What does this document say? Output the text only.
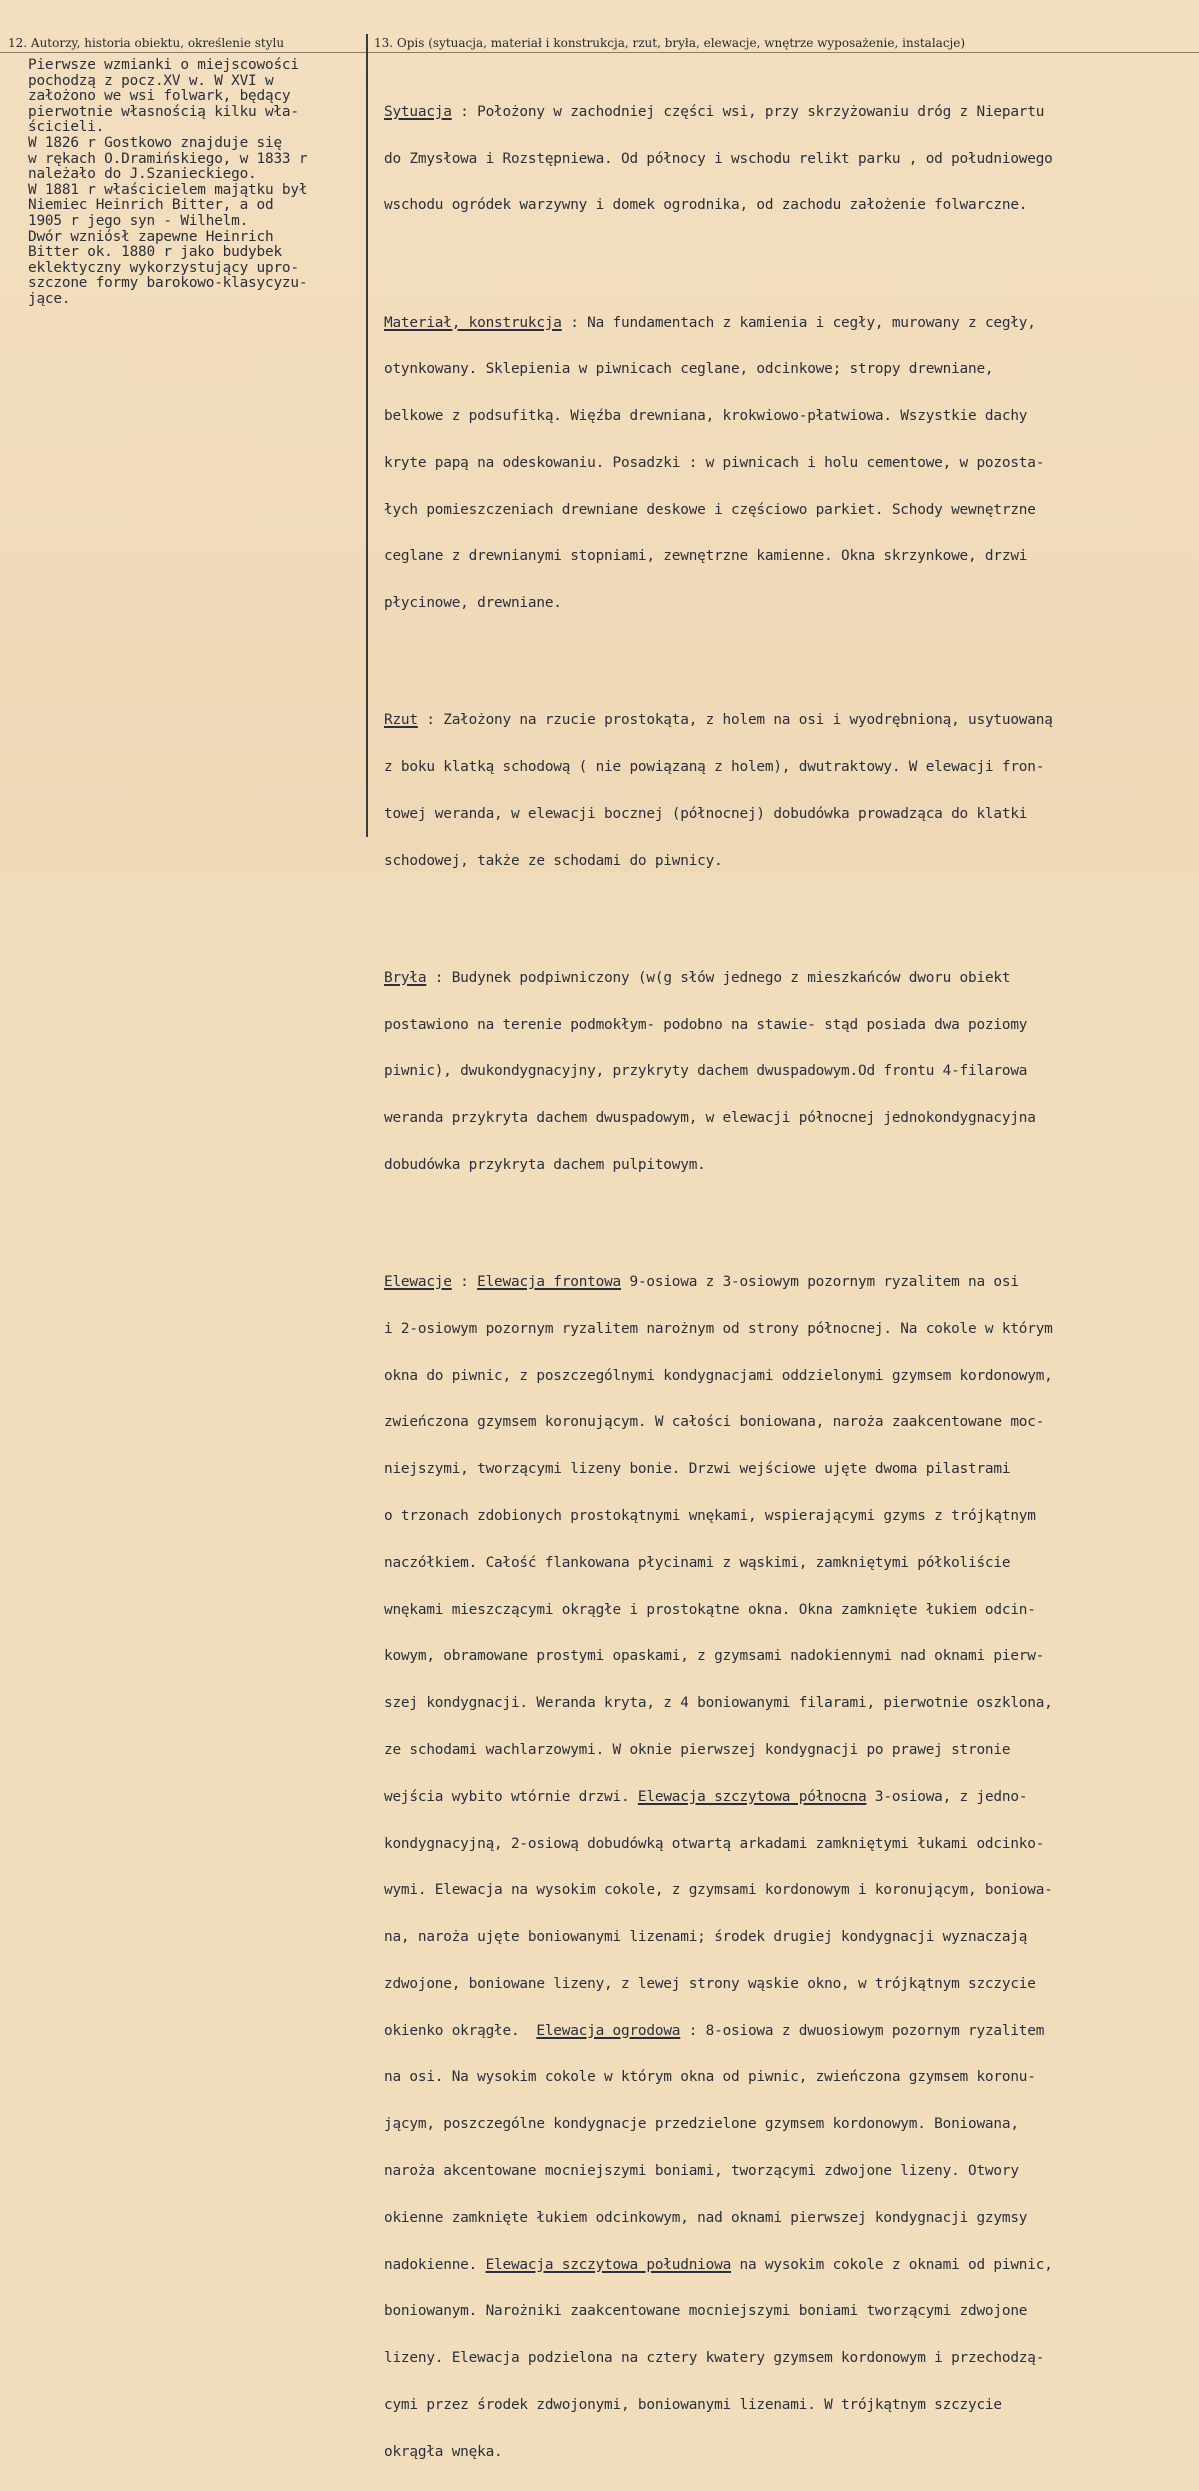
12. Autorzy, historia obiektu, określenie stylu	13. Opis (sytuacja, materiał i konstrukcja, rzut, bryła, elewacje, wnętrze wyposażenie, instalacje)
Pierwsze wzmianki o miejscowości
pochodzą z pocz.XV w. W XVI w
założono we wsi folwark, będący
pierwotnie własnością kilku wła-
ścicieli.
W 1826 r Gostkowo znajduje się
w rękach O.Dramińskiego, w 1833 r
należało do J.Szanieckiego.
W 1881 r właścicielem majątku był
Niemiec Heinrich Bitter, a od
1905 r jego syn - Wilhelm.
Dwór wzniósł zapewne Heinrich
Bitter ok. 1880 r jako budybek
eklektyczny wykorzystujący upro-
szczone formy barokowo-klasycyzu-
jące.

Sytuacja : Położony w zachodniej części wsi, przy skrzyżowaniu dróg z Niepartu

do Zmysłowa i Rozstępniewa. Od północy i wschodu relikt parku , od południowego

wschodu ogródek warzywny i domek ogrodnika, od zachodu założenie folwarczne.

Materiał, konstrukcja : Na fundamentach z kamienia i cegły, murowany z cegły,

otynkowany. Sklepienia w piwnicach ceglane, odcinkowe; stropy drewniane,

belkowe z podsufitką. Więźba drewniana, krokwiowo-płatwiowa. Wszystkie dachy

kryte papą na odeskowaniu. Posadzki : w piwnicach i holu cementowe, w pozosta-

łych pomieszczeniach drewniane deskowe i częściowo parkiet. Schody wewnętrzne

ceglane z drewnianymi stopniami, zewnętrzne kamienne. Okna skrzynkowe, drzwi

płycinowe, drewniane.

Rzut : Założony na rzucie prostokąta, z holem na osi i wyodrębnioną, usytuowaną

z boku klatką schodową ( nie powiązaną z holem), dwutraktowy. W elewacji fron-

towej weranda, w elewacji bocznej (północnej) dobudówka prowadząca do klatki

schodowej, także ze schodami do piwnicy.

Bryła : Budynek podpiwniczony (w(g słów jednego z mieszkańców dworu obiekt

postawiono na terenie podmokłym- podobno na stawie- stąd posiada dwa poziomy

piwnic), dwukondygnacyjny, przykryty dachem dwuspadowym.Od frontu 4-filarowa

weranda przykryta dachem dwuspadowym, w elewacji północnej jednokondygnacyjna

dobudówka przykryta dachem pulpitowym.

Elewacje : Elewacja frontowa 9-osiowa z 3-osiowym pozornym ryzalitem na osi

i 2-osiowym pozornym ryzalitem narożnym od strony północnej. Na cokole w którym

okna do piwnic, z poszczególnymi kondygnacjami oddzielonymi gzymsem kordonowym,

zwieńczona gzymsem koronującym. W całości boniowana, naroża zaakcentowane moc-

niejszymi, tworzącymi lizeny bonie. Drzwi wejściowe ujęte dwoma pilastrami

o trzonach zdobionych prostokątnymi wnękami, wspierającymi gzyms z trójkątnym

naczółkiem. Całość flankowana płycinami z wąskimi, zamkniętymi półkoliście

wnękami mieszczącymi okrągłe i prostokątne okna. Okna zamknięte łukiem odcin-

kowym, obramowane prostymi opaskami, z gzymsami nadokiennymi nad oknami pierw-

szej kondygnacji. Weranda kryta, z 4 boniowanymi filarami, pierwotnie oszklona,

ze schodami wachlarzowymi. W oknie pierwszej kondygnacji po prawej stronie

wejścia wybito wtórnie drzwi. Elewacja szczytowa północna 3-osiowa, z jedno-

kondygnacyjną, 2-osiową dobudówką otwartą arkadami zamkniętymi łukami odcinko-

wymi. Elewacja na wysokim cokole, z gzymsami kordonowym i koronującym, boniowa-

na, naroża ujęte boniowanymi lizenami; środek drugiej kondygnacji wyznaczają

zdwojone, boniowane lizeny, z lewej strony wąskie okno, w trójkątnym szczycie

okienko okrągłe.  Elewacja ogrodowa : 8-osiowa z dwuosiowym pozornym ryzalitem

na osi. Na wysokim cokole w którym okna od piwnic, zwieńczona gzymsem koronu-

jącym, poszczególne kondygnacje przedzielone gzymsem kordonowym. Boniowana,

naroża akcentowane mocniejszymi boniami, tworzącymi zdwojone lizeny. Otwory

okienne zamknięte łukiem odcinkowym, nad oknami pierwszej kondygnacji gzymsy

nadokienne. Elewacja szczytowa południowa na wysokim cokole z oknami od piwnic,

boniowanym. Narożniki zaakcentowane mocniejszymi boniami tworzącymi zdwojone

lizeny. Elewacja podzielona na cztery kwatery gzymsem kordonowym i przechodzą-

cymi przez środek zdwojonymi, boniowanymi lizenami. W trójkątnym szczycie

okrągła wnęka.
